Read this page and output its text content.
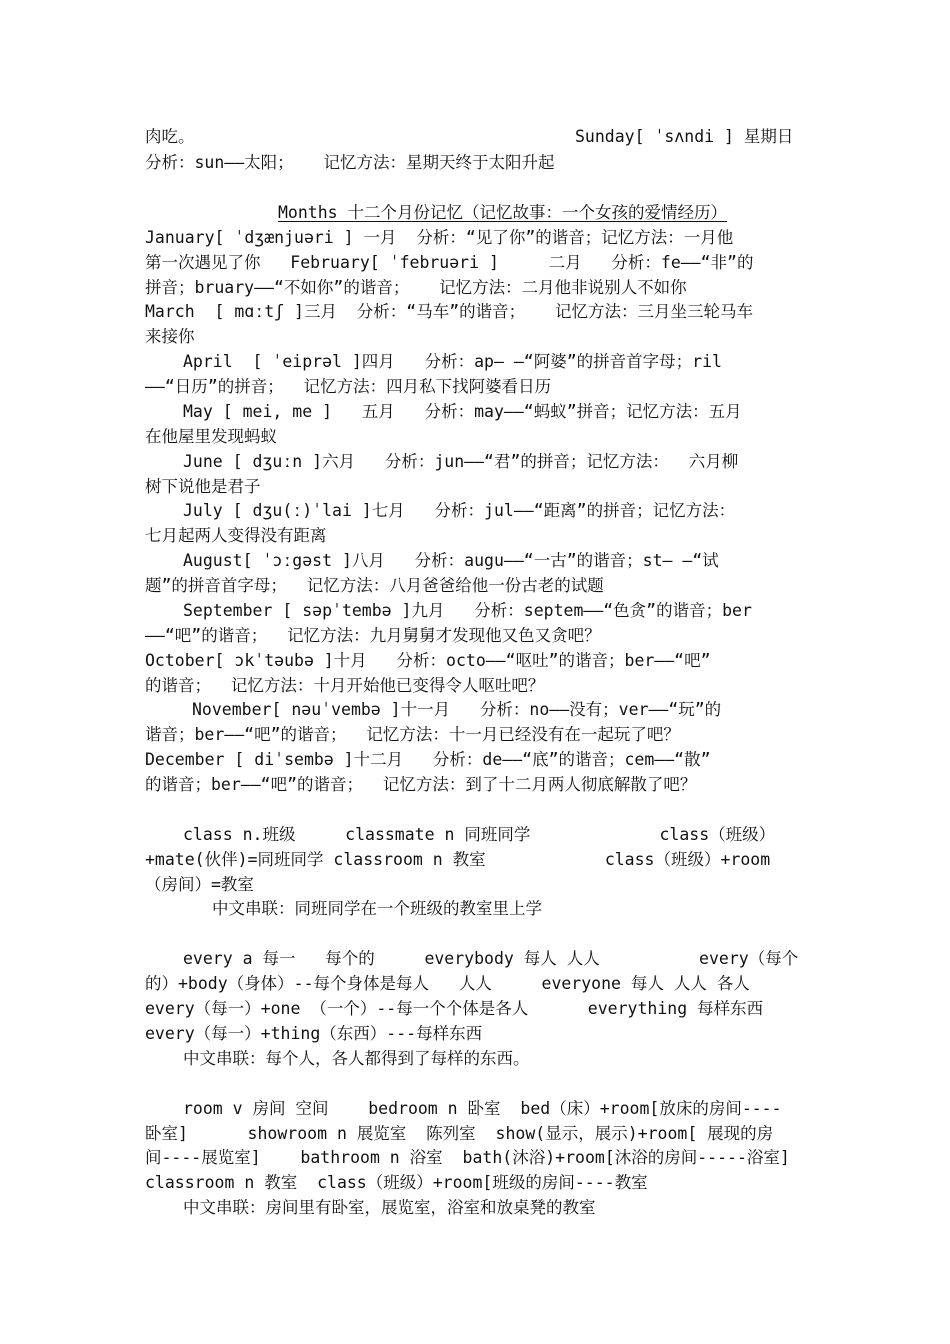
肉吃。	Sunday[ ˈsʌndi ] 星期日
分析：sun——太阳；   记忆方法：星期天终于太阳升起
Months 十二个月份记忆（记忆故事：一个女孩的爱情经历）
January[ ˈdʒænjuəri ] 一月  分析：“见了你”的谐音；记忆方法：一月他
第一次遇见了你   February[ ˈfebruəri ]     二月   分析：fe——“非”的
拼音；bruary——“不如你”的谐音；   记忆方法：二月他非说别人不如你
March  [ mɑːtʃ ]三月  分析：“马车”的谐音；   记忆方法：三月坐三轮马车
来接你
April  [ ˈeiprəl ]四月   分析：ap— —“阿婆”的拼音首字母；ril
——“日历”的拼音；  记忆方法：四月私下找阿婆看日历
May [ mei, me ]   五月   分析：may——“蚂蚁”拼音；记忆方法：五月
在他屋里发现蚂蚁
June [ dʒuːn ]六月   分析：jun——“君”的拼音；记忆方法：  六月柳
树下说他是君子
July [ dʒu(ː)ˈlai ]七月   分析：jul——“距离”的拼音；记忆方法：
七月起两人变得没有距离
August[ ˈɔːgəst ]八月   分析：augu——“一古”的谐音；st— —“试
题”的拼音首字母；  记忆方法：八月爸爸给他一份古老的试题
September [ səpˈtembə ]九月   分析：septem——“色贪”的谐音；ber
——“吧”的谐音；  记忆方法：九月舅舅才发现他又色又贪吧？
October[ ɔkˈtəubə ]十月   分析：octo——“呕吐”的谐音；ber——“吧”
的谐音；  记忆方法：十月开始他已变得令人呕吐吧？
November[ nəuˈvembə ]十一月   分析：no——没有；ver——“玩”的
谐音；ber——“吧”的谐音；  记忆方法：十一月已经没有在一起玩了吧？
December [ diˈsembə ]十二月   分析：de——“底”的谐音；cem——“散”
的谐音；ber——“吧”的谐音；  记忆方法：到了十二月两人彻底解散了吧？
class n.班级     classmate n 同班同学             class（班级）
+mate(伙伴)=同班同学 classroom n 教室            class（班级）+room
（房间）=教室
中文串联：同班同学在一个班级的教室里上学
every a 每一   每个的     everybody 每人 人人          every（每个
的）+body（身体）--每个身体是每人   人人     everyone 每人 人人 各人
every（每一）+one （一个）--每一个个体是各人      everything 每样东西
every（每一）+thing（东西）---每样东西
中文串联：每个人，各人都得到了每样的东西。
room v 房间 空间    bedroom n 卧室  bed（床）+room[放床的房间----
卧室]      showroom n 展览室  陈列室  show(显示，展示)+room[ 展现的房
间----展览室]    bathroom n 浴室  bath(沐浴)+room[沐浴的房间-----浴室]
classroom n 教室  class（班级）+room[班级的房间----教室
中文串联：房间里有卧室，展览室，浴室和放桌凳的教室
